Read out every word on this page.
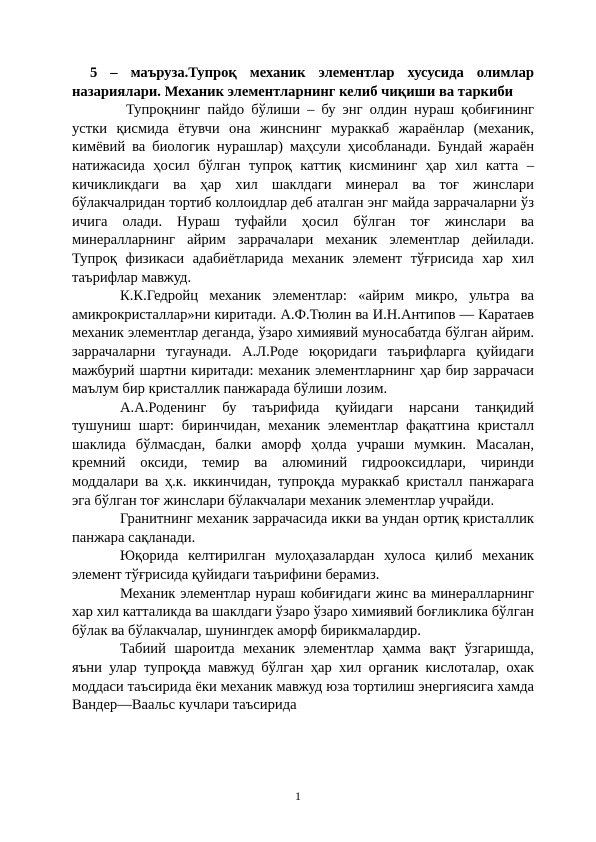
5 – маъруза.Тупроқ механик элементлар хусусида олимлар назариялари. Механик элементларнинг келиб чиқиши ва таркиби

Тупроқнинг пайдо бўлиши – бу энг олдин нураш қобиғининг устки қисмида ётувчи она жинснинг мураккаб жараёнлар (механик, кимёвий ва биологик нурашлар) маҳсули ҳисобланади. Бундай жараён натижасида ҳосил бўлган тупроқ каттиқ кисмининг ҳар хил катта – кичикликдаги ва ҳар хил шаклдаги минерал ва тоғ жинслари бўлакчалридан тортиб коллоидлар деб аталган энг майда заррачаларни ўз ичига олади. Нураш туфайли ҳосил бўлган тоғ жинслари ва минералларнинг айрим заррачалари механик элементлар дейилади. Тупроқ физикаси адабиётларида механик элемент тўғрисида хар хил таърифлар мавжуд.

К.К.Гедройц механик элементлар: «айрим микро, ультра ва амикрокристаллар»ни киритади. А.Ф.Тюлин ва И.Н.Антипов — Каратаев механик элементлар деганда, ўзаро химиявий муносабатда бўлган айрим. заррачаларни тугаунади. А.Л.Роде юқоридаги таърифларга қуйидаги мажбурий шартни киритади: механик элементларнинг ҳар бир заррачаси маълум бир кристаллик панжарада бўлиши лозим.

А.А.Роденинг бу таърифида қуйидаги нарсани танқидий тушуниш шарт: биринчидан, механик элементлар фақатгина кристалл шаклида бўлмасдан, балки аморф ҳолда учраши мумкин. Масалан, кремний оксиди, темир ва алюминий гидрооксидлари, чиринди моддалари ва ҳ.к. иккинчидан, тупроқда мураккаб кристалл панжарага эга бўлган тоғ жинслари бўлакчалари механик элементлар учрайди.

Гранитнинг механик заррачасида икки ва ундан ортиқ кристаллик панжара сақланади.

Юқорида келтирилган мулоҳазалардан хулоса қилиб механик элемент тўғрисида қуйидаги таърифини берамиз.

Механик элементлар нураш кобиғидаги жинс ва минералларнинг хар хил катталикда ва шаклдаги ўзаро ўзаро химиявий боғликлика бўлган бўлак ва бўлакчалар, шунингдек аморф бирикмалардир.

Табиий шароитда механик элементлар ҳамма вақт ўзгаришда, яъни улар тупроқда мавжуд бўлган ҳар хил органик кислоталар, охак моддаси таъсирида ёки механик мавжуд юза тортилиш энергиясига хамда Вандер—Ваальс кучлари таъсирида

1
